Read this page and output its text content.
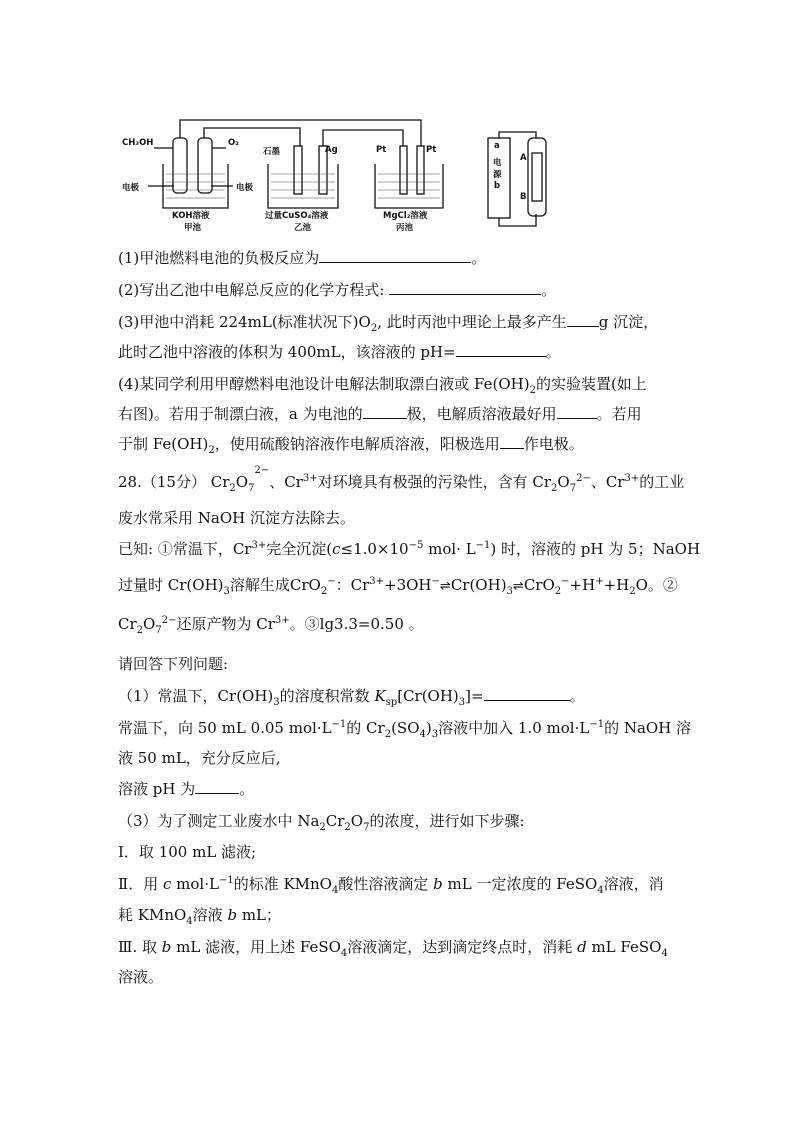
CH₃OH	O₂
电极	电极
KOH溶液
甲池
石墨	Ag
过量CuSO₄溶液
乙池
Pt	Pt
MgCl₂溶液
丙池
a
电
源
b
A
B
(1)甲池燃料电池的负极反应为	。
(2)写出乙池中电解总反应的化学方程式:	。
(3)甲池中消耗 224mL(标准状况下)$O_2$, 此时丙池中理论上最多产生 g 沉淀，
此时乙池中溶液的体积为 400mL，该溶液的 pH=	。
(4)某同学利用甲醇燃料电池设计电解法制取漂白液或 $Fe(OH)_2$的实验装置(如上
右图)。若用于制漂白液，a 为电池的	极，电解质溶液最好用	。若用
于制 $Fe(OH)_2$，使用硫酸钠溶液作电解质溶液，阳极选用 作电极。
28.（15分） $Cr_2O_7^{2-}$、$Cr^{3+}$对环境具有极强的污染性，含有 $Cr_2O_7^{2-}$、$Cr^{3+}$的工业
废水常采用 NaOH 沉淀方法除去。
已知: ①常温下，$Cr^{3+}$完全沉淀($c\le 1.0\times 10^{-5}$ $mol\cdot L^{-1}$) 时，溶液的 pH 为 5；NaOH
过量时 $Cr(OH)_3$溶解生成CrO$_2$−：$Cr^{3+}+3OH^-\rightleftharpoons Cr(OH)_3\rightleftharpoons CrO_2^-+H^++H_2O$。②
$Cr_2O_7^{2-}$还原产物为 $Cr^{3+}$。③lg3.3=0.50 。
请回答下列问题:
（1）常温下，$Cr(OH)_3$的溶度积常数 $K_{sp}[Cr(OH)_3]=$	。
常温下，向 50 mL 0.05 $mol\cdot L^{-1}$的 $Cr_2(SO_4)_3$溶液中加入 1.0 $mol\cdot L^{-1}$的 NaOH 溶
液 50 mL，充分反应后,
溶液 pH 为	。
（3）为了测定工业废水中 $Na_2Cr_2O_7$的浓度，进行如下步骤:
Ⅰ．取 100 mL 滤液;
Ⅱ．用 c $mol\cdot L^{-1}$的标准 KMnO$_4$酸性溶液滴定 b mL 一定浓度的 FeSO$_4$溶液，消
耗 KMnO$_4$溶液 b mL；
Ⅲ. 取 b mL 滤液，用上述 FeSO$_4$溶液滴定，达到滴定终点时，消耗 d mL FeSO$_4$
溶液。
